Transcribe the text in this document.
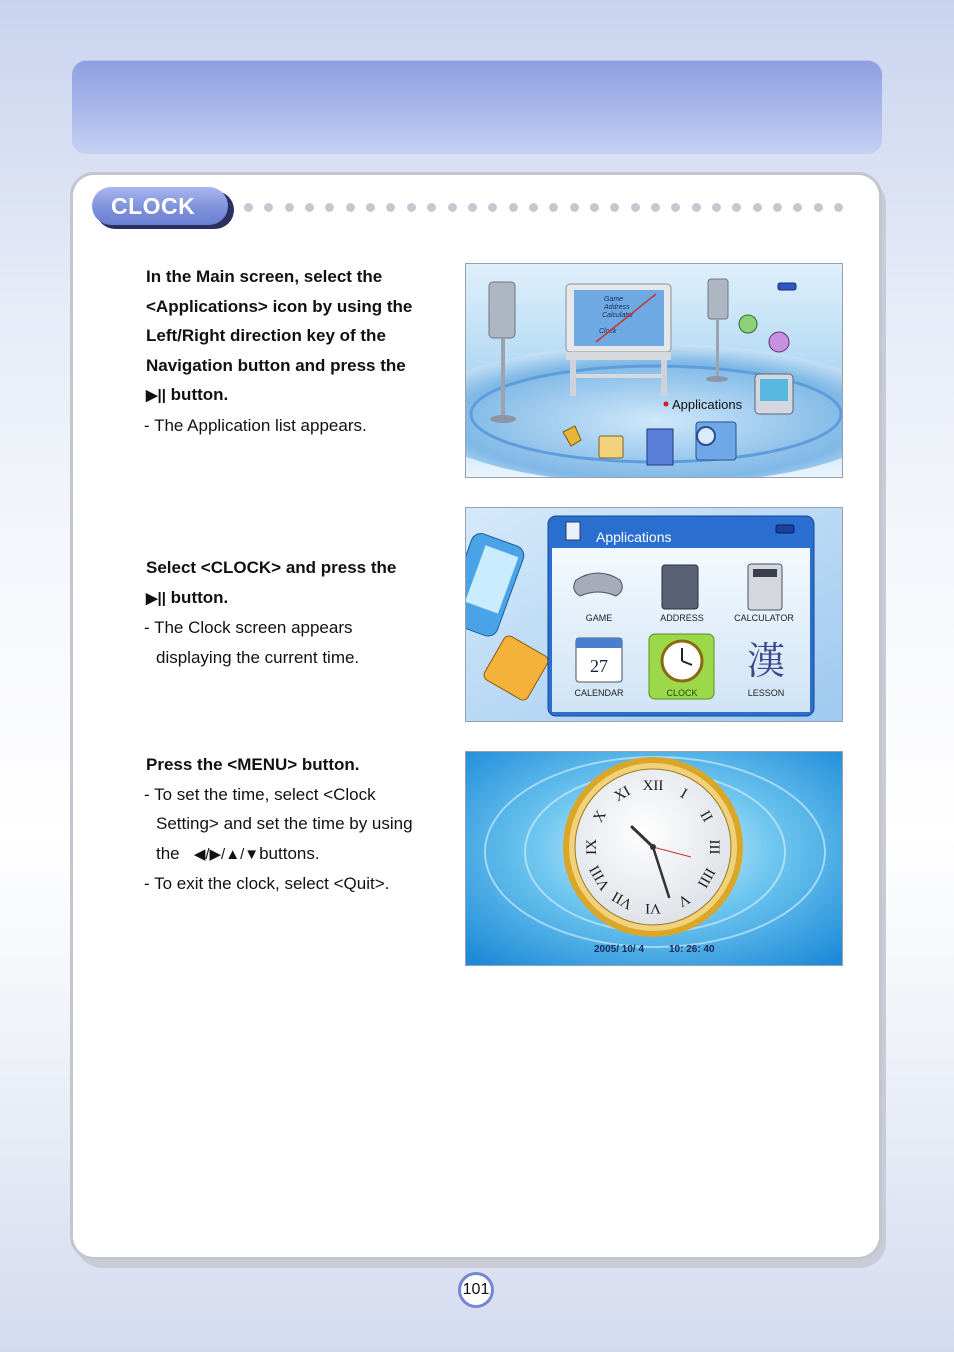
CLOCK
In the Main screen, select the
<Applications> icon by using the
Left/Right direction key of the
Navigation button and press the
▶|| button.
- The Application list appears.
Select <CLOCK> and press the
▶|| button.
- The Clock screen appears
displaying the current time.
Press the <MENU> button.
- To set the time, select <Clock
Setting> and set the time by using
the ◀/▶/▲/▼buttons.
- To exit the clock, select <Quit>.
Game
Address
Calculator
Clock
Applications
Applications
27	漢
GAME	ADDRESS	CALCULATOR
CALENDAR	CLOCK	LESSON
XII I
II
III
IIII
V
VI
VII
VIII
IX
X
XI
2005/ 10/ 4 10: 26: 40
101
